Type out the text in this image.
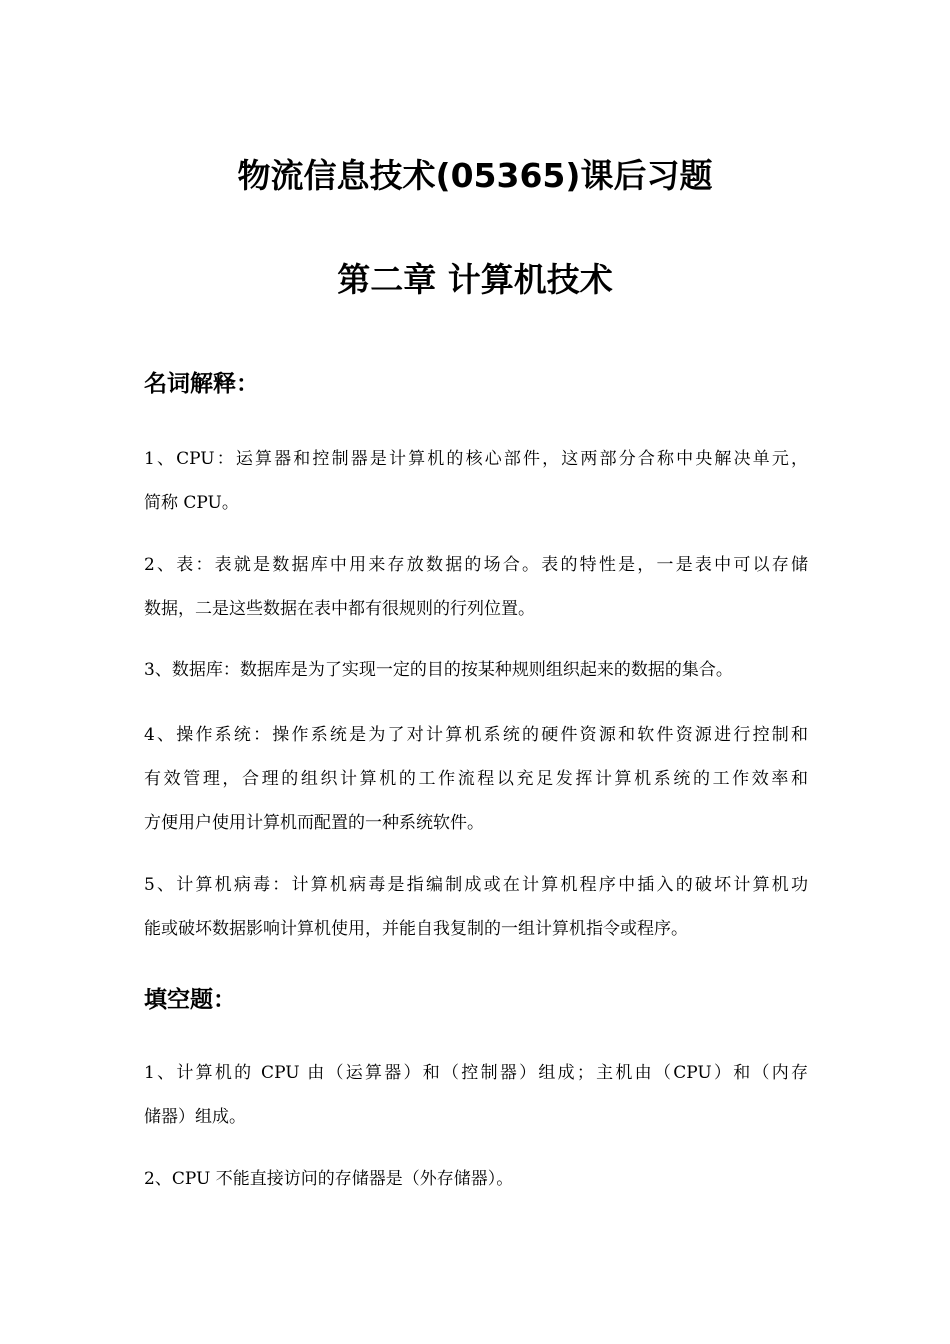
物流信息技术(05365)课后习题
第二章 计算机技术
名词解释：
1、CPU：运算器和控制器是计算机的核心部件，这两部分合称中央解决单元，
简称 CPU。
2、表：表就是数据库中用来存放数据的场合。表的特性是，一是表中可以存储
数据，二是这些数据在表中都有很规则的行列位置。
3、数据库：数据库是为了实现一定的目的按某种规则组织起来的数据的集合。
4、操作系统：操作系统是为了对计算机系统的硬件资源和软件资源进行控制和
有效管理，合理的组织计算机的工作流程以充足发挥计算机系统的工作效率和
方便用户使用计算机而配置的一种系统软件。
5、计算机病毒：计算机病毒是指编制成或在计算机程序中插入的破坏计算机功
能或破坏数据影响计算机使用，并能自我复制的一组计算机指令或程序。
填空题：
1、计算机的 CPU 由（运算器）和（控制器）组成；主机由（CPU）和（内存
储器）组成。
2、CPU 不能直接访问的存储器是（外存储器）。
